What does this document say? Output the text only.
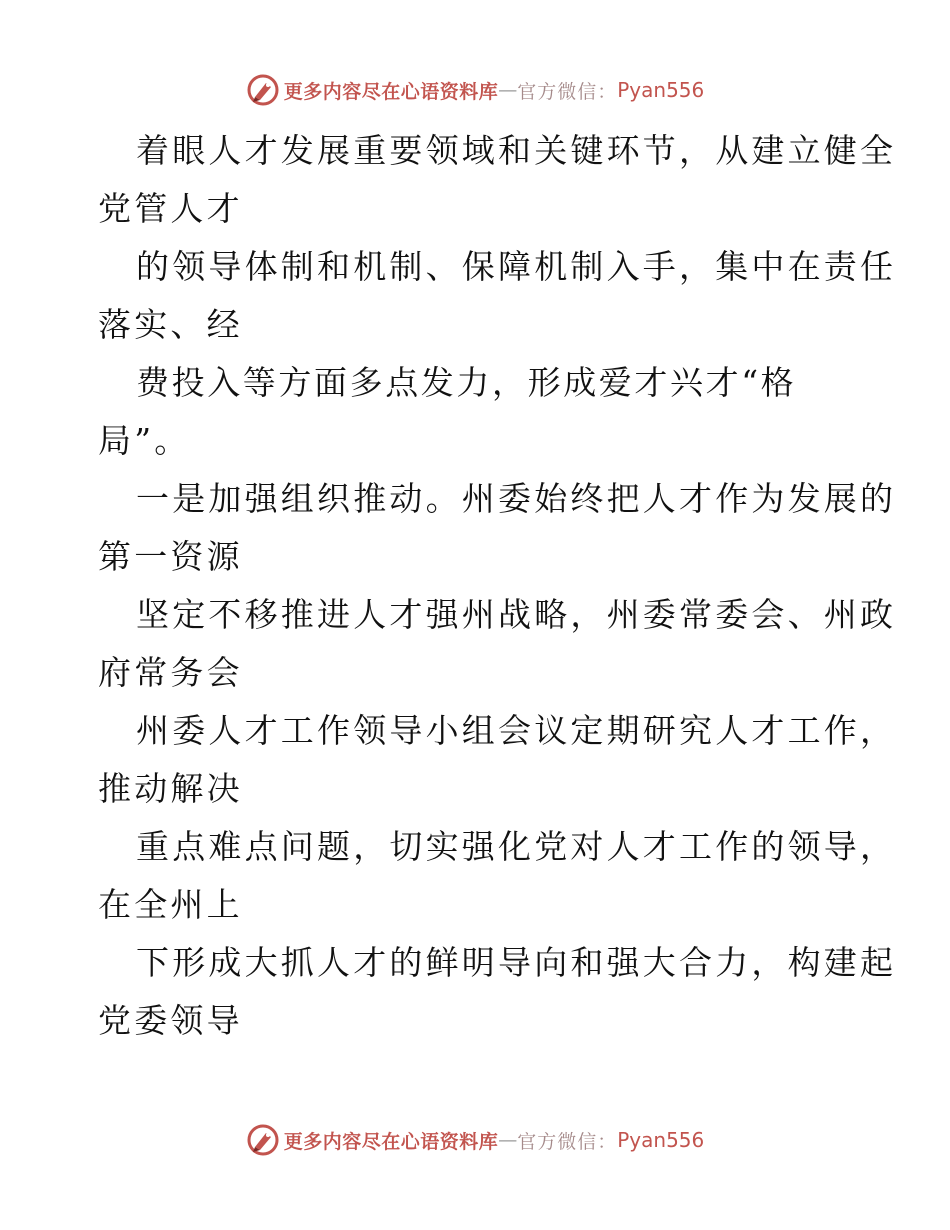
更多内容尽在心语资料库 — 官方微信： Pyan556
着眼人才发展重要领域和关键环节，从建立健全
党管人才
的领导体制和机制、保障机制入手，集中在责任
落实、经
费投入等方面多点发力，形成爱才兴才“格
局”。
一是加强组织推动。州委始终把人才作为发展的
第一资源
坚定不移推进人才强州战略，州委常委会、州政
府常务会
州委人才工作领导小组会议定期研究人才工作，
推动解决
重点难点问题，切实强化党对人才工作的领导，
在全州上
下形成大抓人才的鲜明导向和强大合力，构建起
党委领导
更多内容尽在心语资料库 — 官方微信： Pyan556
